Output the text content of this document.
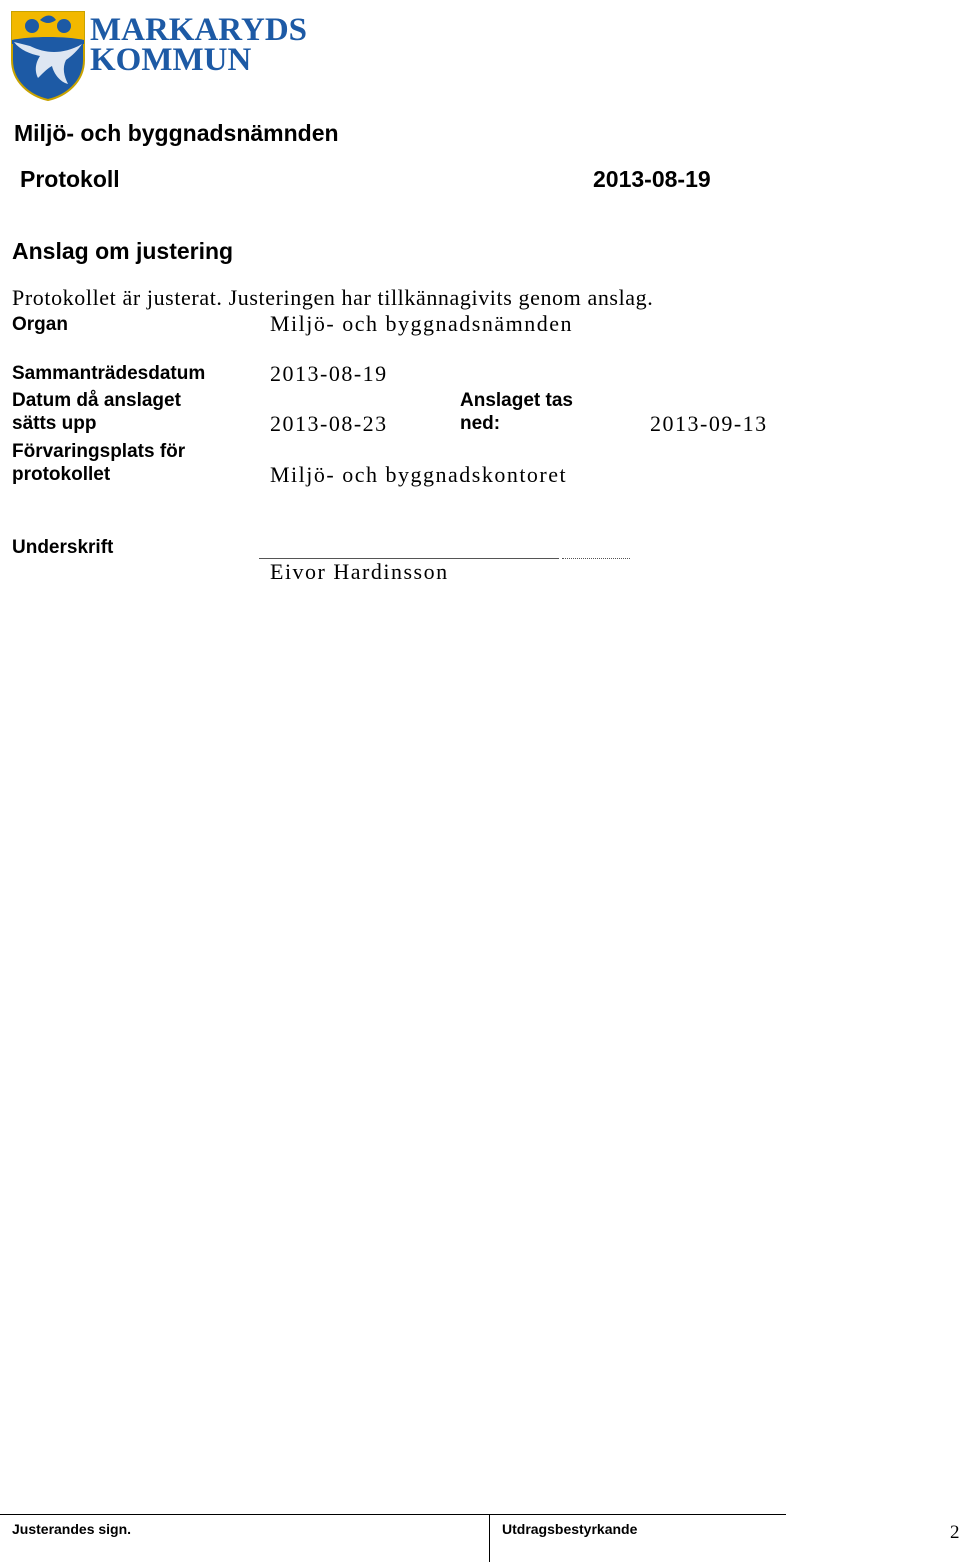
MARKARYDS
KOMMUN
Miljö- och byggnadsnämnden
Protokoll	2013-08-19
Anslag om justering
Protokollet är justerat. Justeringen har tillkännagivits genom anslag.
Organ	Miljö- och byggnadsnämnden
Sammanträdesdatum	2013-08-19
Datum då anslaget
sätts upp	2013-08-23
Anslaget tas
ned:	2013-09-13
Förvaringsplats för
protokollet	Miljö- och byggnadskontoret
Underskrift
Eivor Hardinsson
Justerandes sign.	Utdragsbestyrkande	2
